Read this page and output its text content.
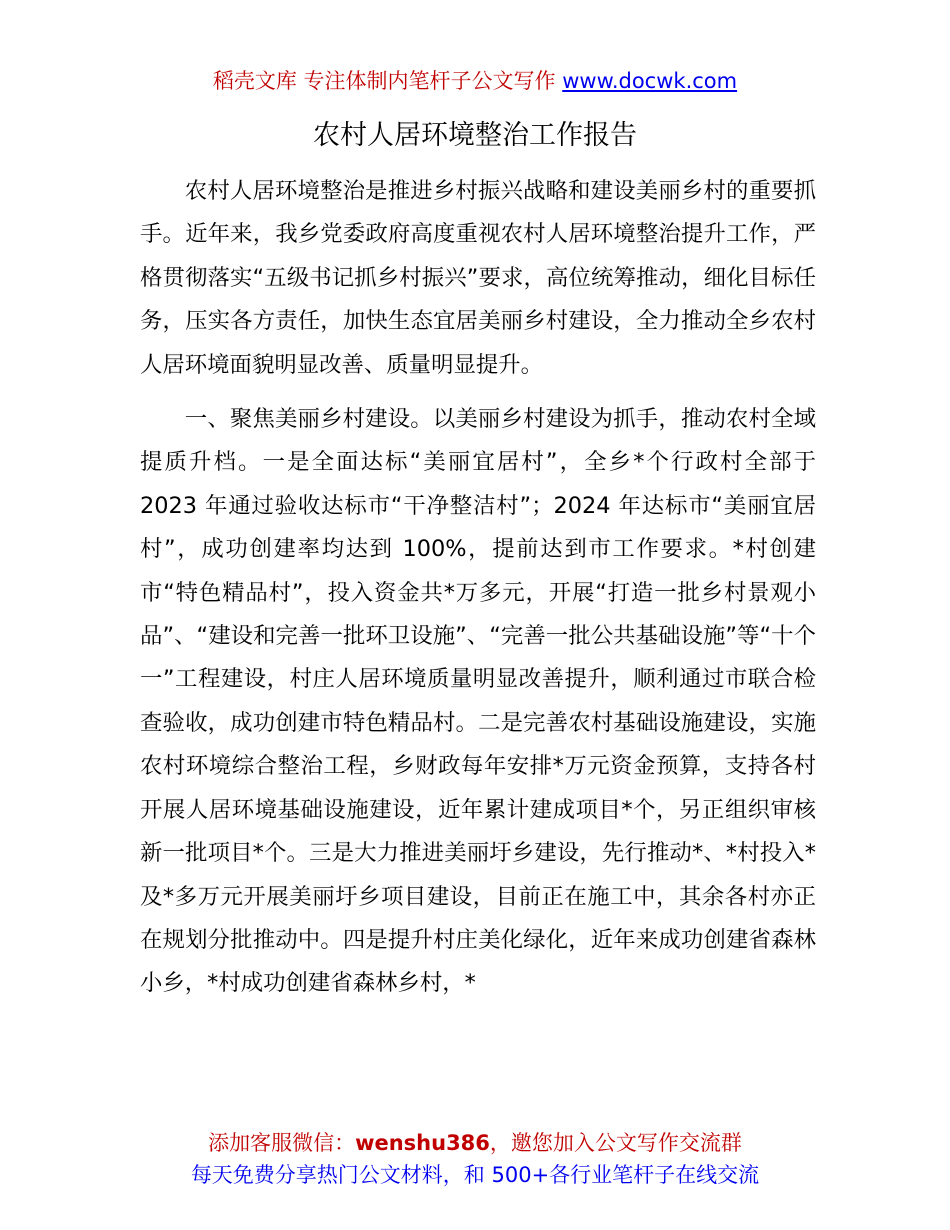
稻壳文库 专注体制内笔杆子公文写作 www.docwk.com
农村人居环境整治工作报告

农村人居环境整治是推进乡村振兴战略和建设美丽乡村的重要抓手。近年来，我乡党委政府高度重视农村人居环境整治提升工作，严格贯彻落实“五级书记抓乡村振兴”要求，高位统筹推动，细化目标任务，压实各方责任，加快生态宜居美丽乡村建设，全力推动全乡农村人居环境面貌明显改善、质量明显提升。

一、聚焦美丽乡村建设。以美丽乡村建设为抓手，推动农村全域提质升档。一是全面达标“美丽宜居村”，全乡*个行政村全部于 2023 年通过验收达标市“干净整洁村”；2024 年达标市“美丽宜居村”，成功创建率均达到 100%，提前达到市工作要求。*村创建市“特色精品村”，投入资金共*万多元，开展“打造一批乡村景观小品”、“建设和完善一批环卫设施”、“完善一批公共基础设施”等“十个一”工程建设，村庄人居环境质量明显改善提升，顺利通过市联合检查验收，成功创建市特色精品村。二是完善农村基础设施建设，实施农村环境综合整治工程，乡财政每年安排*万元资金预算，支持各村开展人居环境基础设施建设，近年累计建成项目*个，另正组织审核新一批项目*个。三是大力推进美丽圩乡建设，先行推动*、*村投入*及*多万元开展美丽圩乡项目建设，目前正在施工中，其余各村亦正在规划分批推动中。四是提升村庄美化绿化，近年来成功创建省森林小乡，*村成功创建省森林乡村，*

添加客服微信：wenshu386，邀您加入公文写作交流群
每天免费分享热门公文材料，和 500+各行业笔杆子在线交流
